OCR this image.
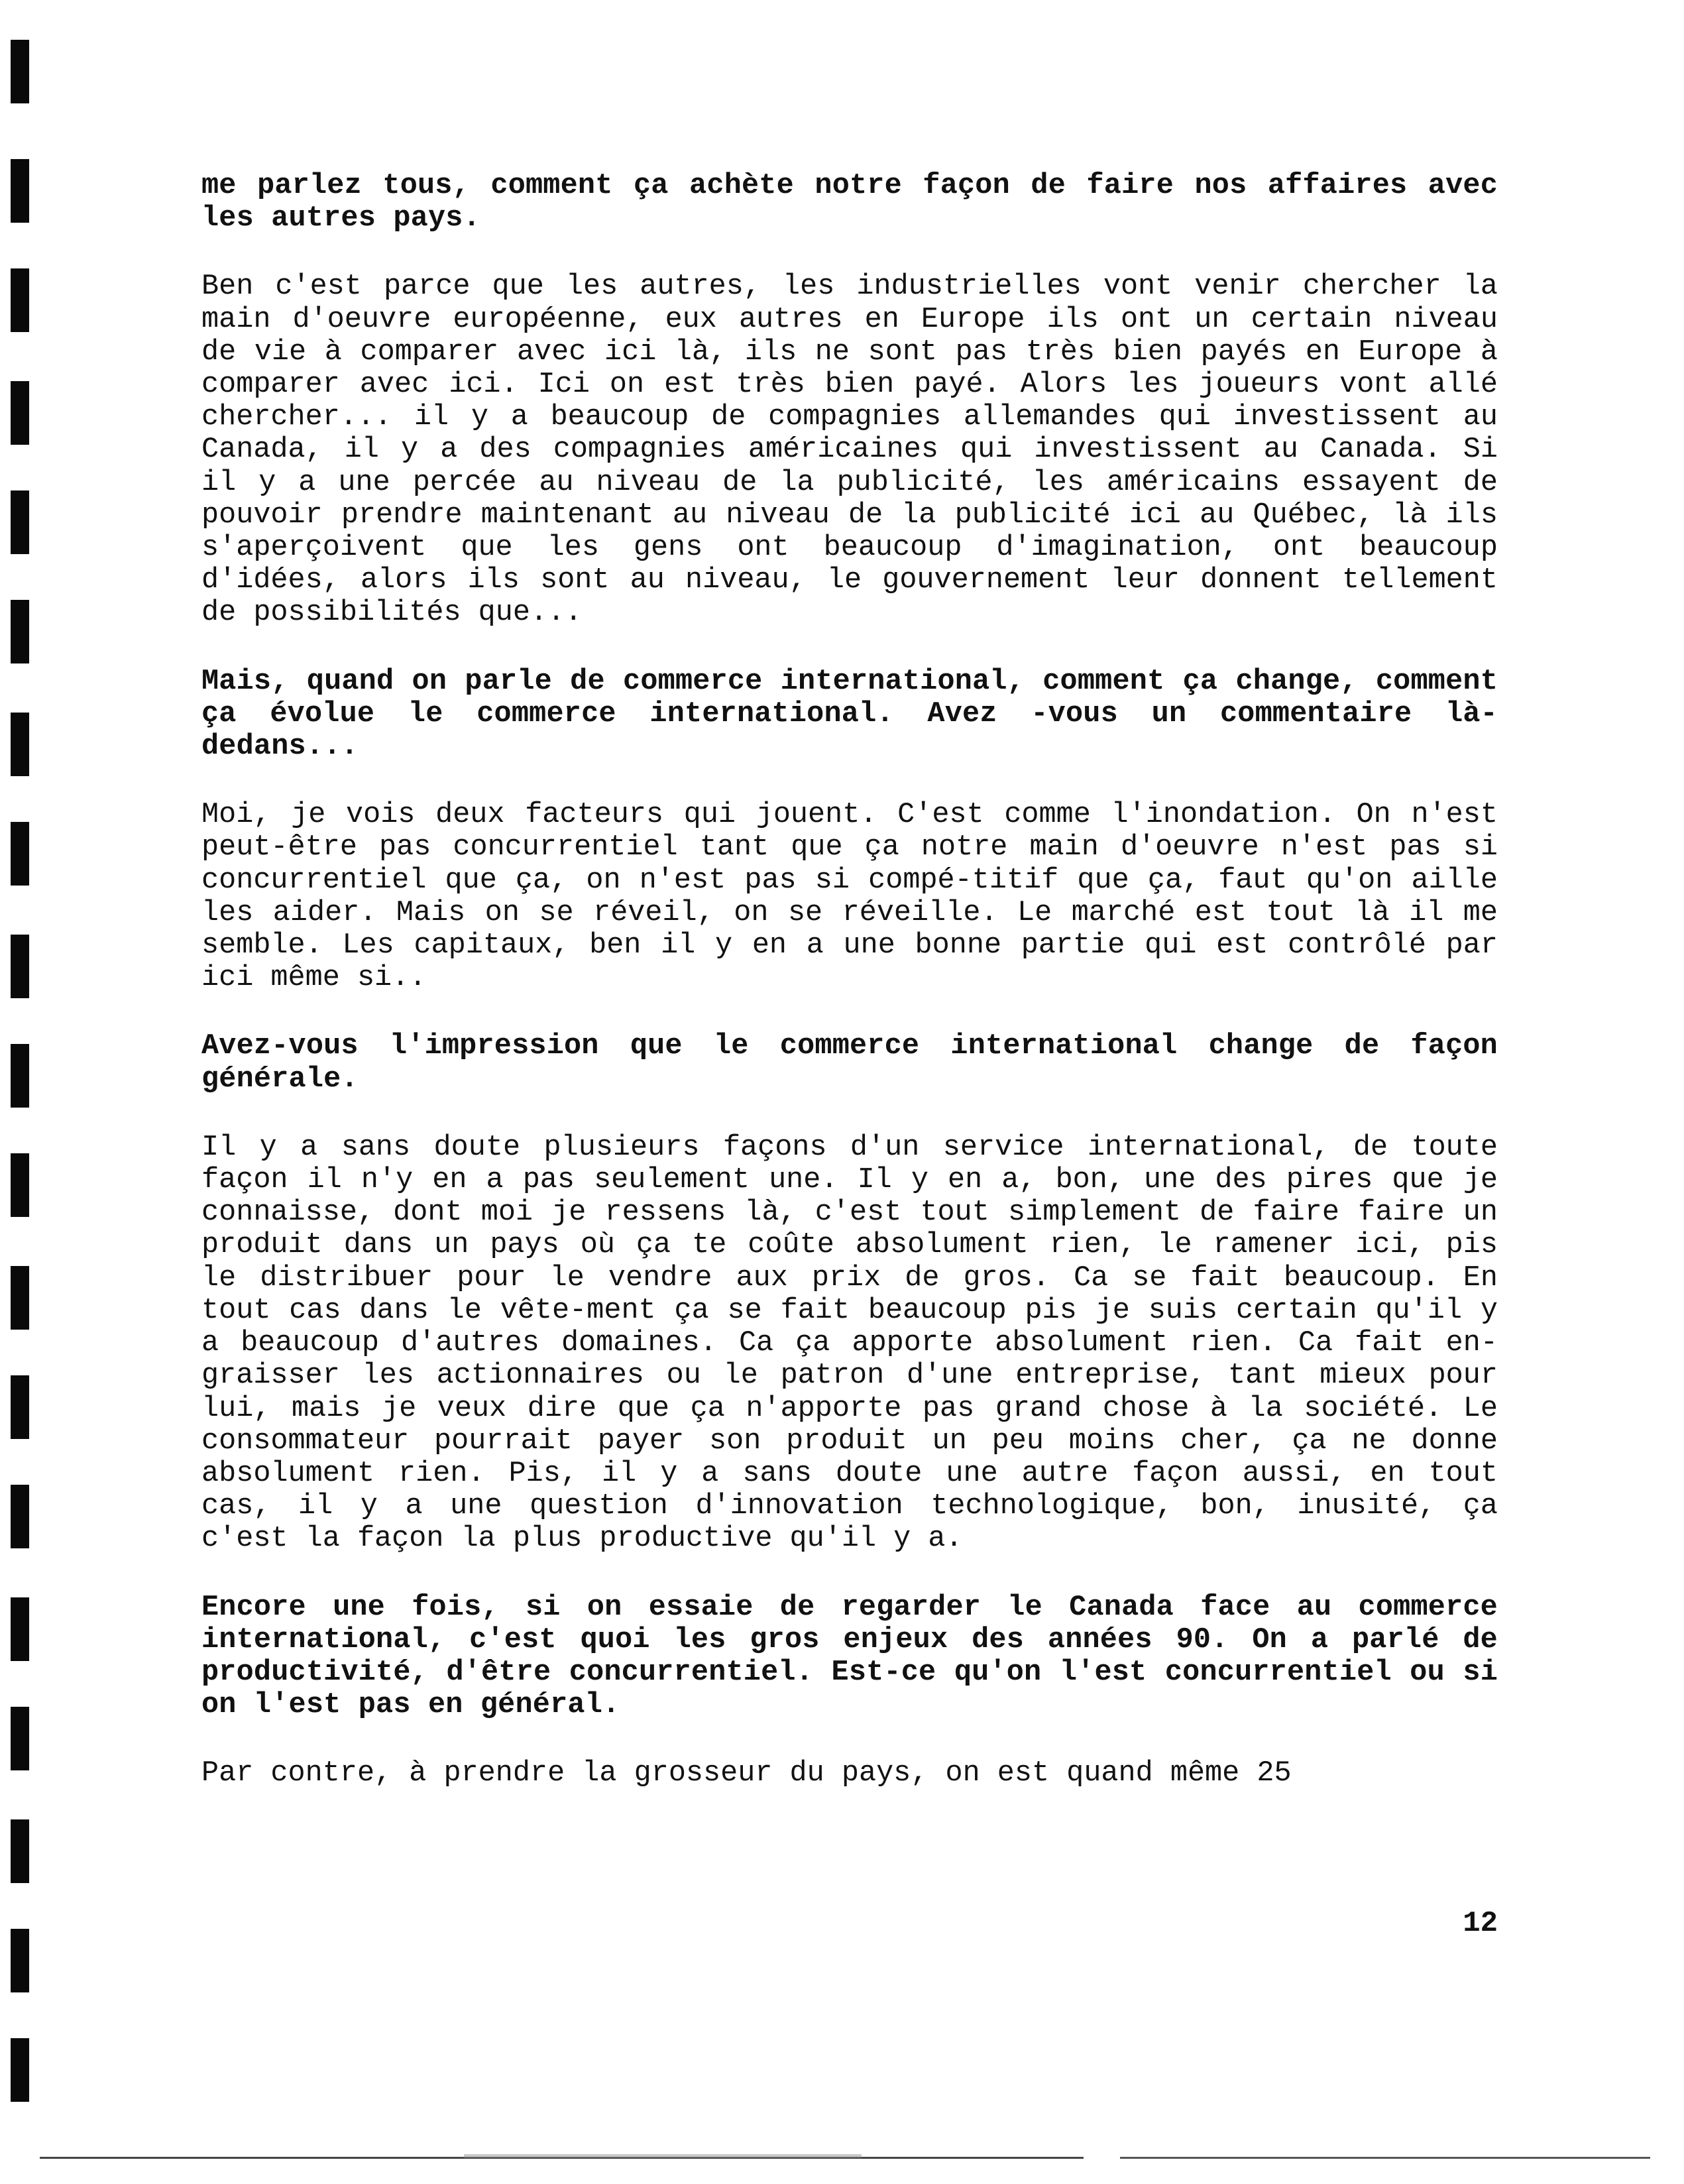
me parlez tous, comment ça achète notre façon de faire nos affaires avec les autres pays.

Ben c'est parce que les autres, les industrielles vont venir chercher la main d'oeuvre européenne, eux autres en Europe ils ont un certain niveau de vie à comparer avec ici là, ils ne sont pas très bien payés en Europe à comparer avec ici. Ici on est très bien payé. Alors les joueurs vont allé chercher... il y a beaucoup de compagnies allemandes qui investissent au Canada, il y a des compagnies américaines qui investissent au Canada. Si il y a une percée au niveau de la publicité, les américains essayent de pouvoir prendre maintenant au niveau de la publicité ici au Québec, là ils s'aperçoivent que les gens ont beaucoup d'imagination, ont beaucoup d'idées, alors ils sont au niveau, le gouvernement leur donnent tellement de possibilités que...

Mais, quand on parle de commerce international, comment ça change, comment ça évolue le commerce international. Avez -vous un commentaire là-dedans...

Moi, je vois deux facteurs qui jouent. C'est comme l'inondation. On n'est peut-être pas concurrentiel tant que ça notre main d'oeuvre n'est pas si concurrentiel que ça, on n'est pas si compé-titif que ça, faut qu'on aille les aider. Mais on se réveil, on se réveille. Le marché est tout là il me semble. Les capitaux, ben il y en a une bonne partie qui est contrôlé par ici même si..

Avez-vous l'impression que le commerce international change de façon générale.

Il y a sans doute plusieurs façons d'un service international, de toute façon il n'y en a pas seulement une. Il y en a, bon, une des pires que je connaisse, dont moi je ressens là, c'est tout simplement de faire faire un produit dans un pays où ça te coûte absolument rien, le ramener ici, pis le distribuer pour le vendre aux prix de gros. Ca se fait beaucoup. En tout cas dans le vête-ment ça se fait beaucoup pis je suis certain qu'il y a beaucoup d'autres domaines. Ca ça apporte absolument rien. Ca fait en-graisser les actionnaires ou le patron d'une entreprise, tant mieux pour lui, mais je veux dire que ça n'apporte pas grand chose à la société. Le consommateur pourrait payer son produit un peu moins cher, ça ne donne absolument rien. Pis, il y a sans doute une autre façon aussi, en tout cas, il y a une question d'innovation technologique, bon, inusité, ça c'est la façon la plus productive qu'il y a.

Encore une fois, si on essaie de regarder le Canada face au commerce international, c'est quoi les gros enjeux des années 90. On a parlé de productivité, d'être concurrentiel. Est-ce qu'on l'est concurrentiel ou si on l'est pas en général.

Par contre, à prendre la grosseur du pays, on est quand même 25

12
